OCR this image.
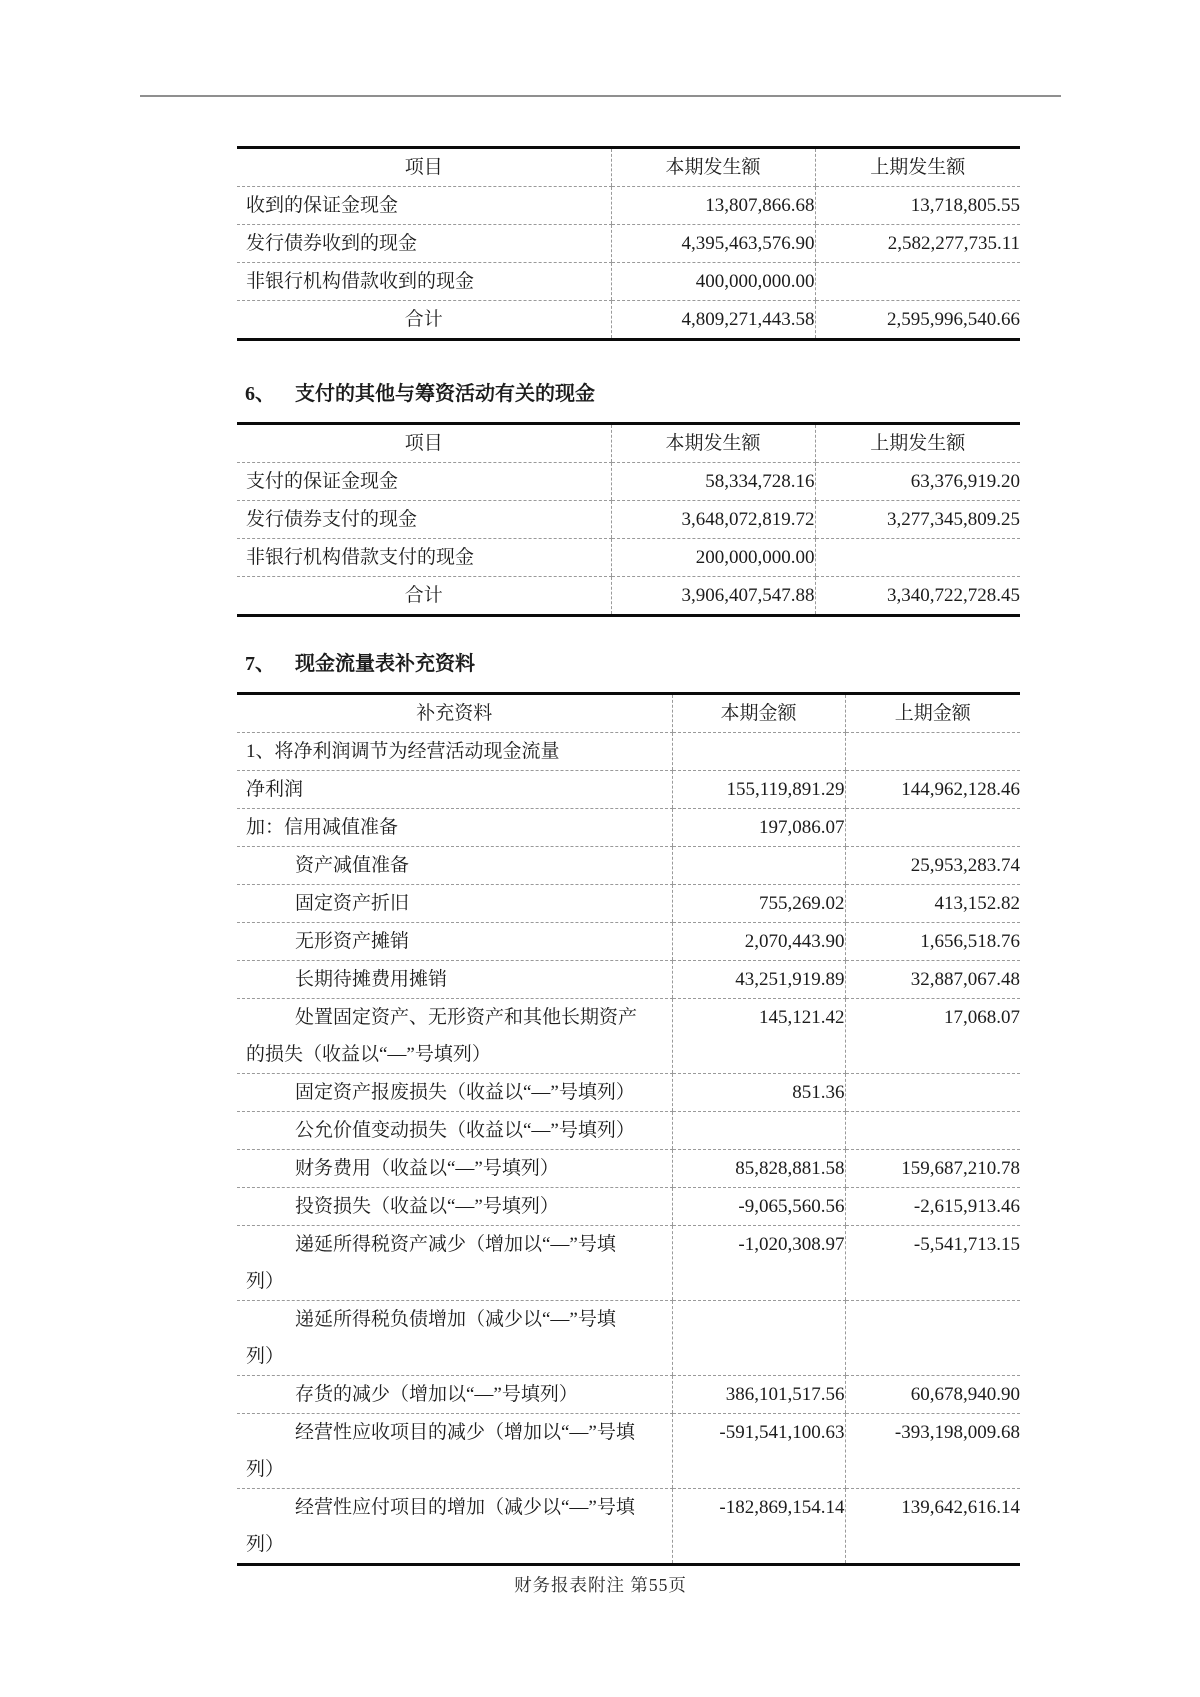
项目	本期发生额	上期发生额

收到的保证金现金	13,807,866.68	13,718,805.55

发行债券收到的现金	4,395,463,576.90	2,582,277,735.11

非银行机构借款收到的现金	400,000,000.00	

合计	4,809,271,443.58	2,595,996,540.66
6、	支付的其他与筹资活动有关的现金
项目	本期发生额	上期发生额

支付的保证金现金	58,334,728.16	63,376,919.20

发行债券支付的现金	3,648,072,819.72	3,277,345,809.25

非银行机构借款支付的现金	200,000,000.00	

合计	3,906,407,547.88	3,340,722,728.45
7、	现金流量表补充资料
补充资料	本期金额	上期金额

1、将净利润调节为经营活动现金流量		

净利润	155,119,891.29	144,962,128.46

加：信用减值准备	197,086.07	

资产减值准备		25,953,283.74

固定资产折旧	755,269.02	413,152.82

无形资产摊销	2,070,443.90	1,656,518.76

长期待摊费用摊销	43,251,919.89	32,887,067.48

处置固定资产、无形资产和其他长期资产
的损失（收益以“—”号填列）	145,121.42	17,068.07

固定资产报废损失（收益以“—”号填列）	851.36	

公允价值变动损失（收益以“—”号填列）		

财务费用（收益以“—”号填列）	85,828,881.58	159,687,210.78

投资损失（收益以“—”号填列）	-9,065,560.56	-2,615,913.46

递延所得税资产减少（增加以“—”号填
列）	-1,020,308.97	-5,541,713.15

递延所得税负债增加（减少以“—”号填
列）		

存货的减少（增加以“—”号填列）	386,101,517.56	60,678,940.90

经营性应收项目的减少（增加以“—”号填
列）	-591,541,100.63	-393,198,009.68

经营性应付项目的增加（减少以“—”号填
列）	-182,869,154.14	139,642,616.14
财务报表附注 第55页
